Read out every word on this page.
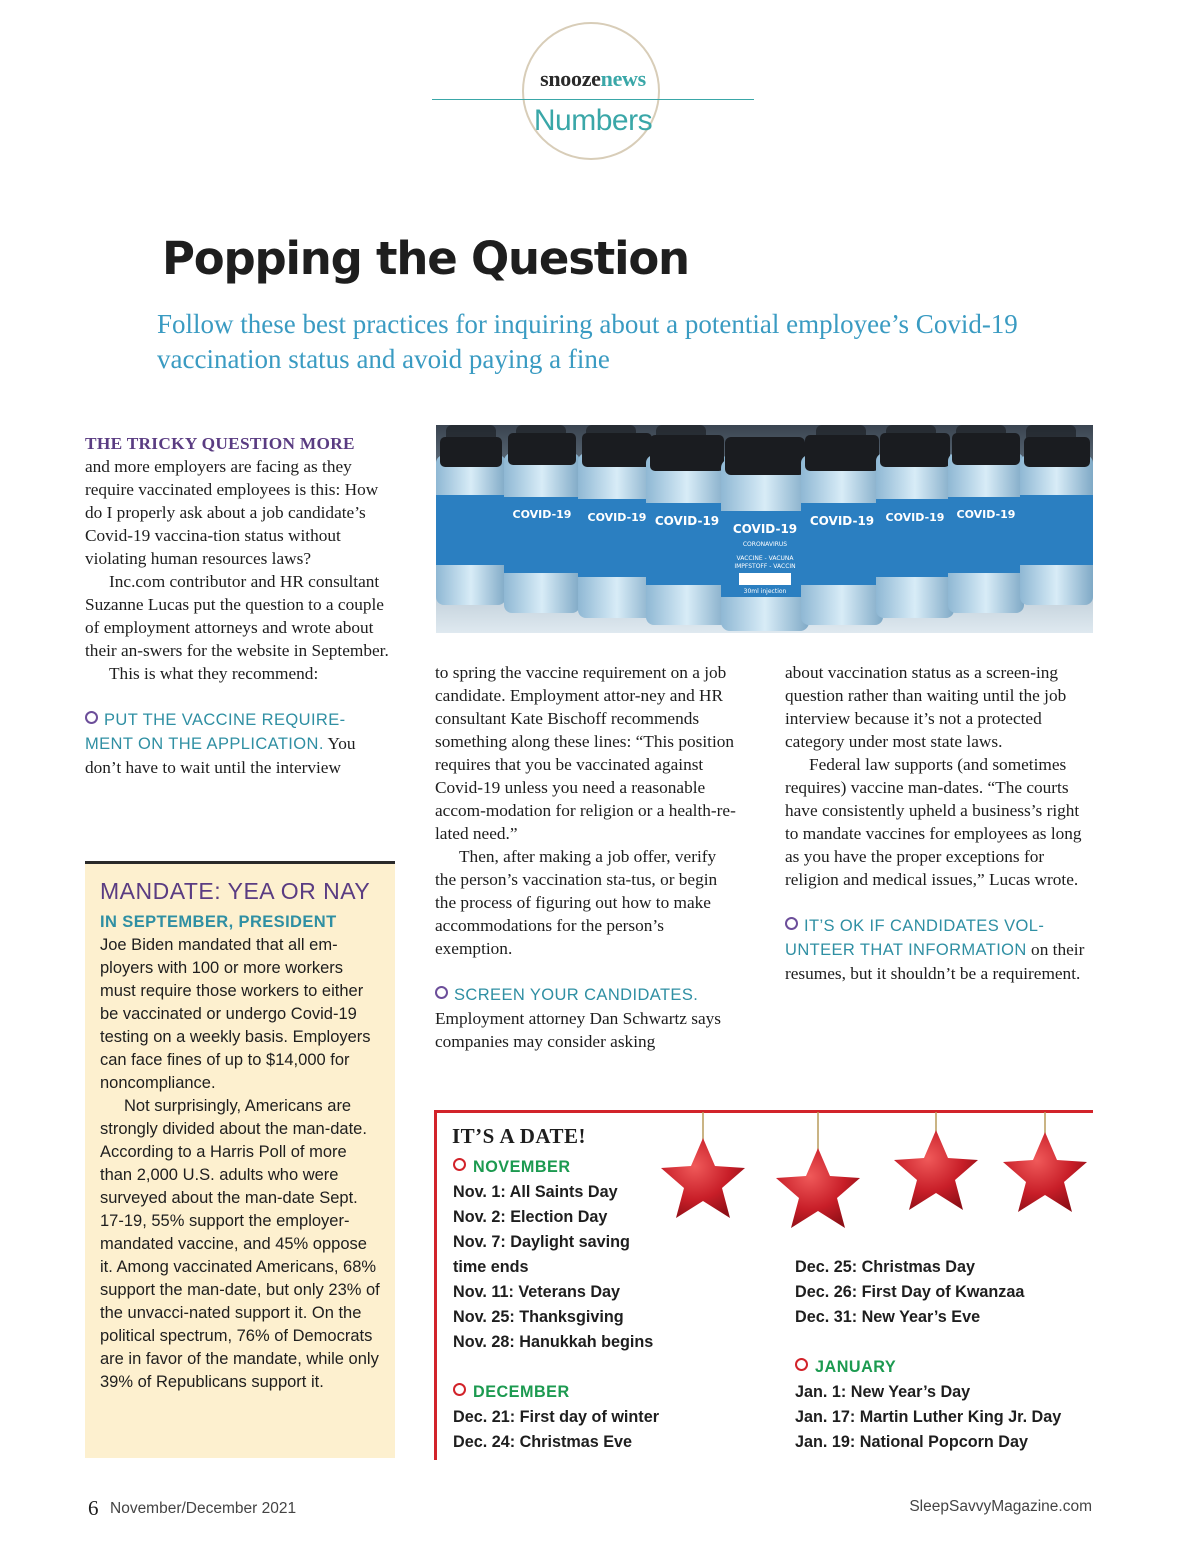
snoozenews
Numbers
Popping the Question
Follow these best practices for inquiring about a potential employee’s Covid-19 vaccination status and avoid paying a fine

THE TRICKY QUESTION MORE
and more employers are facing as they require vaccinated employees is this: How do I properly ask about a job candidate’s Covid-19 vaccina-tion status without violating human resources laws?

Inc.com contributor and HR consultant Suzanne Lucas put the question to a couple of employment attorneys and wrote about their an-swers for the website in September.

This is what they recommend:

PUT THE VACCINE REQUIRE-MENT ON THE APPLICATION. You don’t have to wait until the interview

COVID-19 COVID-19 COVID-19
COVID-19
CORONAVIRUS
VACCINE - VACUNA
IMPFSTOFF - VACCIN
30ml injection
COVID-19 COVID-19 COVID-19

to spring the vaccine requirement on a job candidate. Employment attor-ney and HR consultant Kate Bischoff recommends something along these lines: “This position requires that you be vaccinated against Covid-19 unless you need a reasonable accom-modation for religion or a health-re-lated need.”

Then, after making a job offer, verify the person’s vaccination sta-tus, or begin the process of figuring out how to make accommodations for the person’s exemption.

SCREEN YOUR CANDIDATES.
Employment attorney Dan Schwartz says companies may consider asking

about vaccination status as a screen-ing question rather than waiting until the job interview because it’s not a protected category under most state laws.

Federal law supports (and sometimes requires) vaccine man-dates. “The courts have consistently upheld a business’s right to mandate vaccines for employees as long as you have the proper exceptions for religion and medical issues,” Lucas wrote.

IT’S OK IF CANDIDATES VOL-UNTEER THAT INFORMATION on their resumes, but it shouldn’t be a requirement.

MANDATE: YEA OR NAY

IN SEPTEMBER, PRESIDENT
Joe Biden mandated that all em-ployers with 100 or more workers must require those workers to either be vaccinated or undergo Covid-19 testing on a weekly basis. Employers can face fines of up to $14,000 for noncompliance.

Not surprisingly, Americans are strongly divided about the man-date. According to a Harris Poll of more than 2,000 U.S. adults who were surveyed about the man-date Sept. 17-19, 55% support the employer-mandated vaccine, and 45% oppose it. Among vaccinated Americans, 68% support the man-date, but only 23% of the unvacci-nated support it. On the political spectrum, 76% of Democrats are in favor of the mandate, while only 39% of Republicans support it.

IT’S A DATE!

NOVEMBER

Nov. 1: All Saints Day

Nov. 2: Election Day

Nov. 7: Daylight saving time ends

Nov. 11: Veterans Day

Nov. 25: Thanksgiving

Nov. 28: Hanukkah begins

DECEMBER

Dec. 21: First day of winter

Dec. 24: Christmas Eve

Dec. 25: Christmas Day

Dec. 26: First Day of Kwanzaa

Dec. 31: New Year’s Eve

JANUARY

Jan. 1: New Year’s Day

Jan. 17: Martin Luther King Jr. Day

Jan. 19: National Popcorn Day

6 November/December 2021	SleepSavvyMagazine.com
